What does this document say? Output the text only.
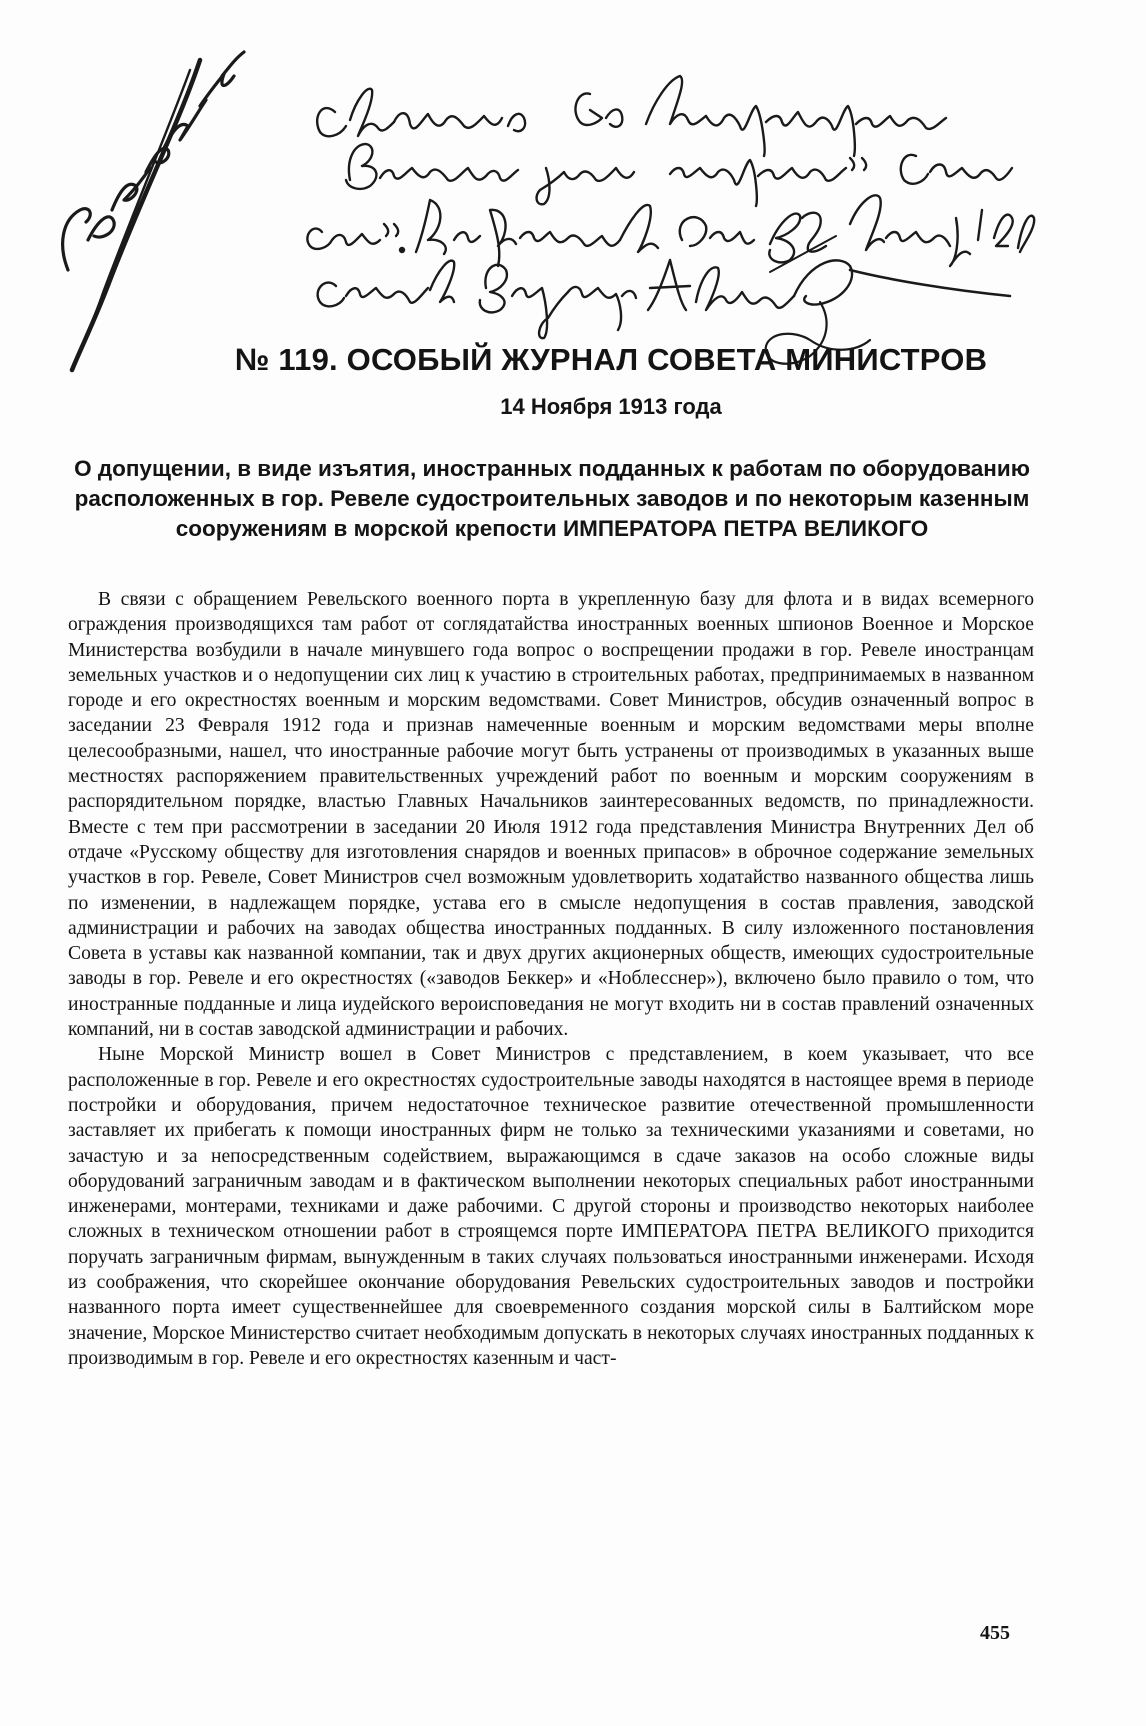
№ 119. ОСОБЫЙ ЖУРНАЛ СОВЕТА МИНИСТРОВ
14 Ноября 1913 года
О допущении, в виде изъятия, иностранных подданных к работам по оборудованию расположенных в гор. Ревеле судостроительных заводов и по некоторым казенным сооружениям в морской крепости ИМПЕРАТОРА ПЕТРА ВЕЛИКОГО

В связи с обращением Ревельского военного порта в укрепленную базу для флота и в видах всемерного ограждения производящихся там работ от соглядатайства иностранных военных шпионов Военное и Морское Министерства возбудили в начале минувшего года вопрос о воспрещении продажи в гор. Ревеле иностранцам земельных участков и о недопущении сих лиц к участию в строительных работах, предпринимаемых в названном городе и его окрестностях военным и морским ведомствами. Совет Министров, обсудив означенный вопрос в заседании 23 Февраля 1912 года и признав намеченные военным и морским ведомствами меры вполне целесообразными, нашел, что иностранные рабочие могут быть устранены от производимых в указанных выше местностях распоряжением правительственных учреждений работ по военным и морским сооружениям в распорядительном порядке, властью Главных Начальников заинтересованных ведомств, по принадлежности. Вместе с тем при рассмотрении в заседании 20 Июля 1912 года представления Министра Внутренних Дел об отдаче «Русскому обществу для изготовления снарядов и военных припасов» в оброчное содержание земельных участков в гор. Ревеле, Совет Министров счел возможным удовлетворить ходатайство названного общества лишь по изменении, в надлежащем порядке, устава его в смысле недопущения в состав правления, заводской администрации и рабочих на заводах общества иностранных подданных. В силу изложенного постановления Совета в уставы как названной компании, так и двух других акционерных обществ, имеющих судостроительные заводы в гор. Ревеле и его окрестностях («заводов Беккер» и «Ноблесснер»), включено было правило о том, что иностранные подданные и лица иудейского вероисповедания не могут входить ни в состав правлений означенных компаний, ни в состав заводской администрации и рабочих.

Ныне Морской Министр вошел в Совет Министров с представлением, в коем указывает, что все расположенные в гор. Ревеле и его окрестностях судостроительные заводы находятся в настоящее время в периоде постройки и оборудования, причем недостаточное техническое развитие отечественной промышленности заставляет их прибегать к помощи иностранных фирм не только за техническими указаниями и советами, но зачастую и за непосредственным содействием, выражающимся в сдаче заказов на особо сложные виды оборудований заграничным заводам и в фактическом выполнении некоторых специальных работ иностранными инженерами, монтерами, техниками и даже рабочими. С другой стороны и производство некоторых наиболее сложных в техническом отношении работ в строящемся порте ИМПЕРАТОРА ПЕТРА ВЕЛИКОГО приходится поручать заграничным фирмам, вынужденным в таких случаях пользоваться иностранными инженерами. Исходя из соображения, что скорейшее окончание оборудования Ревельских судостроительных заводов и постройки названного порта имеет существеннейшее для своевременного создания морской силы в Балтийском море значение, Морское Министерство считает необходимым допускать в некоторых случаях иностранных подданных к производимым в гор. Ревеле и его окрестностях казенным и част-

455
